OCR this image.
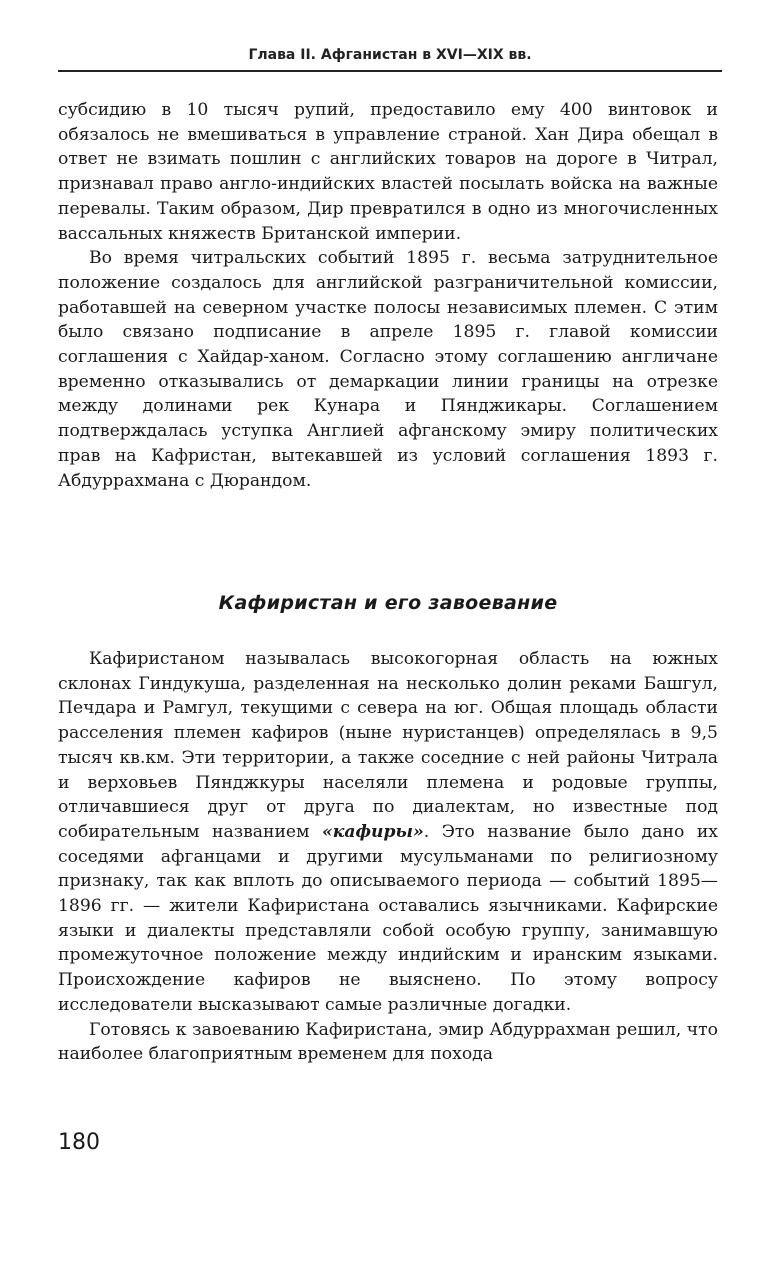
Глава II. Афганистан в XVI—XIX вв.

субсидию в 10 тысяч рупий, предоставило ему 400 винтовок и обязалось не вмешиваться в управление страной. Хан Дира обещал в ответ не взимать пошлин с английских товаров на дороге в Читрал, признавал право англо-индийских властей посылать войска на важные перевалы. Таким образом, Дир превратился в одно из многочисленных вассальных княжеств Британской империи.

Во время читральских событий 1895 г. весьма затруднительное положение создалось для английской разграничительной комиссии, работавшей на северном участке полосы независимых племен. С этим было связано подписание в апреле 1895 г. главой комиссии соглашения с Хайдар-ханом. Согласно этому соглашению англичане временно отказывались от демаркации линии границы на отрезке между долинами рек Кунара и Пянджикары. Соглашением подтверждалась уступка Англией афганскому эмиру политических прав на Кафристан, вытекавшей из условий соглашения 1893 г. Абдуррахмана с Дюрандом.

Кафиристан и его завоевание

Кафиристаном называлась высокогорная область на южных склонах Гиндукуша, разделенная на несколько долин реками Башгул, Печдара и Рамгул, текущими с севера на юг. Общая площадь области расселения племен кафиров (ныне нуристанцев) определялась в 9,5 тысяч кв.км. Эти территории, а также соседние с ней районы Читрала и верховьев Пянджкуры населяли племена и родовые группы, отличавшиеся друг от друга по диалектам, но известные под собирательным названием «кафиры». Это название было дано их соседями афганцами и другими мусульманами по религиозному признаку, так как вплоть до описываемого периода — событий 1895—1896 гг. — жители Кафиристана оставались язычниками. Кафирские языки и диалекты представляли собой особую группу, занимавшую промежуточное положение между индийским и иранским языками. Происхождение кафиров не выяснено. По этому вопросу исследователи высказывают самые различные догадки.

Готовясь к завоеванию Кафиристана, эмир Абдуррахман решил, что наиболее благоприятным временем для похода

180
